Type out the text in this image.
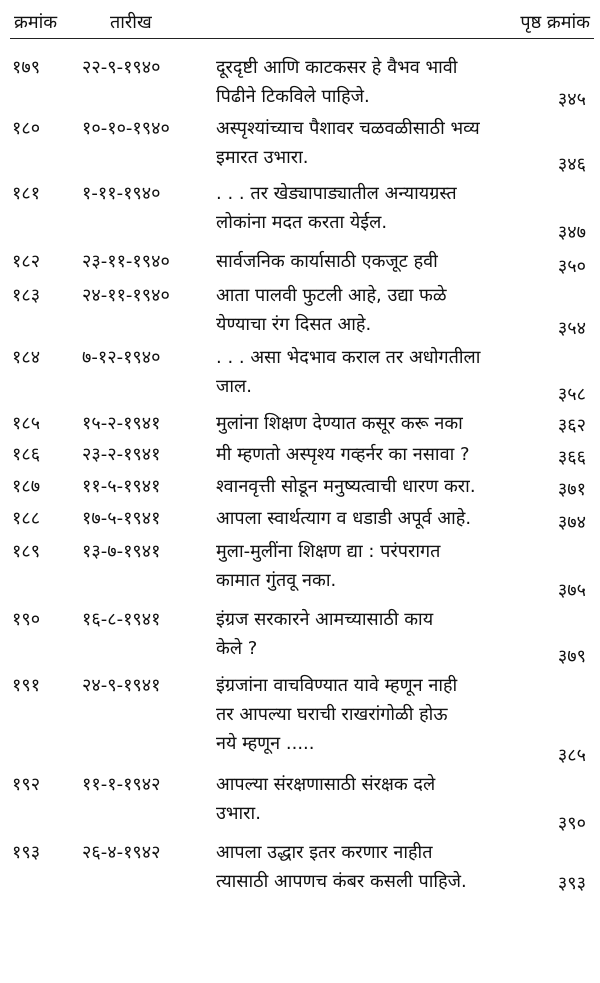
क्रमांक	तारीख	पृष्ठ क्रमांक
१७९ २२-९-१९४०	दूरदृष्टी आणि काटकसर हे वैभव भावी
पिढीने टिकविले पाहिजे.	३४५
१८० १०-१०-१९४०	अस्पृश्यांच्याच पैशावर चळवळीसाठी भव्य
इमारत उभारा.	३४६
१८१ १-११-१९४०	. . . तर खेड्यापाड्यातील अन्यायग्रस्त
लोकांना मदत करता येईल.	३४७
१८२ २३-११-१९४०	सार्वजनिक कार्यासाठी एकजूट हवी	३५०
१८३ २४-११-१९४०	आता पालवी फुटली आहे, उद्या फळे
येण्याचा रंग दिसत आहे.	३५४
१८४ ७-१२-१९४०	. . . असा भेदभाव कराल तर अधोगतीला
जाल.	३५८
१८५ १५-२-१९४१	मुलांना शिक्षण देण्यात कसूर करू नका	३६२
१८६ २३-२-१९४१	मी म्हणतो अस्पृश्य गव्हर्नर का नसावा ?	३६६
१८७ ११-५-१९४१	श्वानवृत्ती सोडून मनुष्यत्वाची धारण करा.	३७१
१८८ १७-५-१९४१	आपला स्वार्थत्याग व धडाडी अपूर्व आहे.	३७४
१८९ १३-७-१९४१	मुला-मुलींना शिक्षण द्या : परंपरागत
कामात गुंतवू नका.	३७५
१९० १६-८-१९४१	इंग्रज सरकारने आमच्यासाठी काय
केले ?	३७९
१९१ २४-९-१९४१	इंग्रजांना वाचविण्यात यावे म्हणून नाही
तर आपल्या घराची राखरांगोळी होऊ
नये म्हणून .....
३८५
१९२ ११-१-१९४२	आपल्या संरक्षणासाठी संरक्षक दले
उभारा.	३९०
१९३ २६-४-१९४२	आपला उद्धार इतर करणार नाहीत
त्यासाठी आपणच कंबर कसली पाहिजे.	३९३
